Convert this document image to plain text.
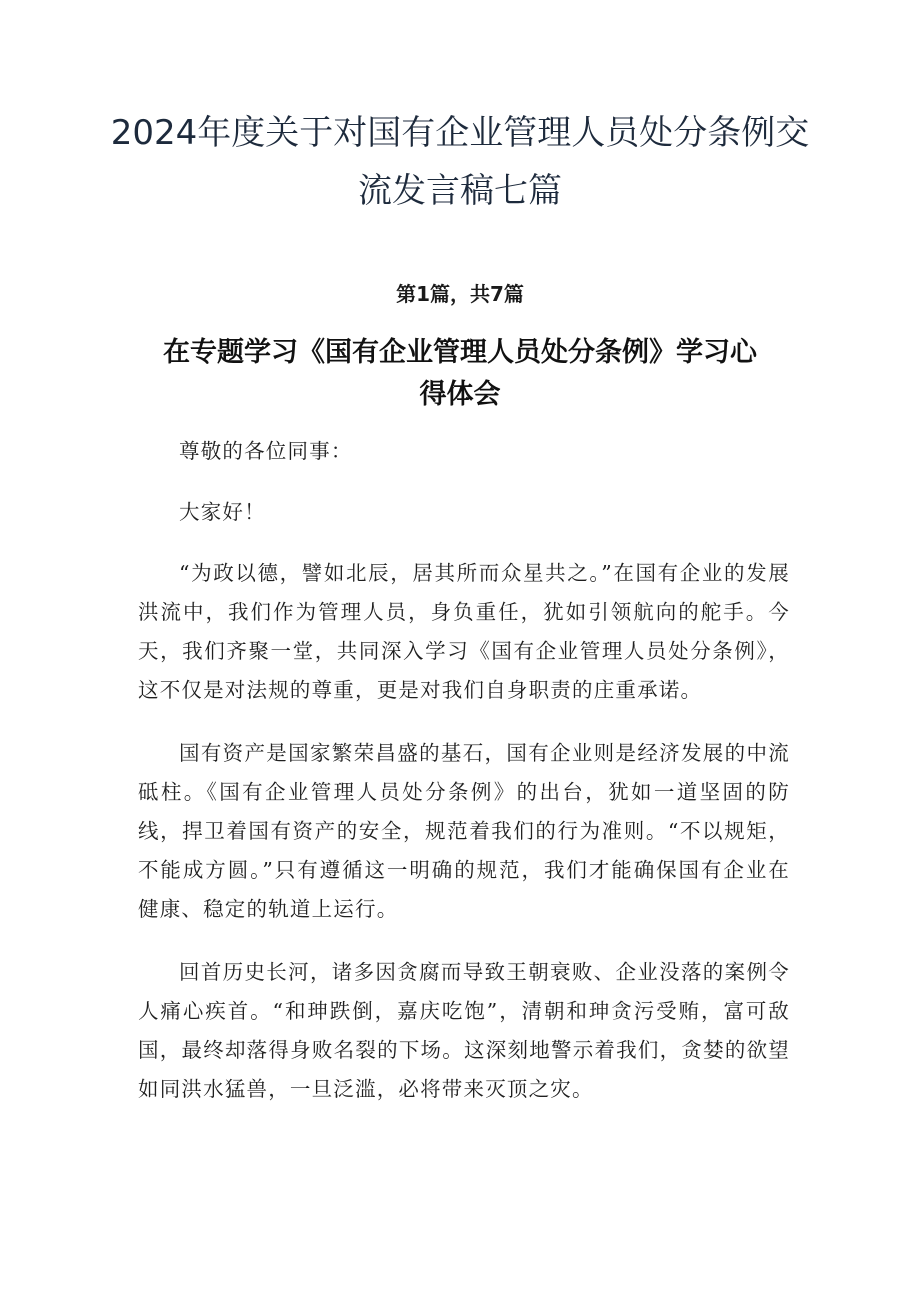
2024年度关于对国有企业管理人员处分条例交流发言稿七篇
第1篇，共7篇
在专题学习《国有企业管理人员处分条例》学习心得体会

尊敬的各位同事：

大家好！

“为政以德，譬如北辰，居其所而众星共之。”在国有企业的发展洪流中，我们作为管理人员，身负重任，犹如引领航向的舵手。今天，我们齐聚一堂，共同深入学习《国有企业管理人员处分条例》，这不仅是对法规的尊重，更是对我们自身职责的庄重承诺。

国有资产是国家繁荣昌盛的基石，国有企业则是经济发展的中流砥柱。《国有企业管理人员处分条例》的出台，犹如一道坚固的防线，捍卫着国有资产的安全，规范着我们的行为准则。“不以规矩，不能成方圆。”只有遵循这一明确的规范，我们才能确保国有企业在健康、稳定的轨道上运行。

回首历史长河，诸多因贪腐而导致王朝衰败、企业没落的案例令人痛心疾首。“和珅跌倒，嘉庆吃饱”，清朝和珅贪污受贿，富可敌国，最终却落得身败名裂的下场。这深刻地警示着我们，贪婪的欲望如同洪水猛兽，一旦泛滥，必将带来灭顶之灾。
